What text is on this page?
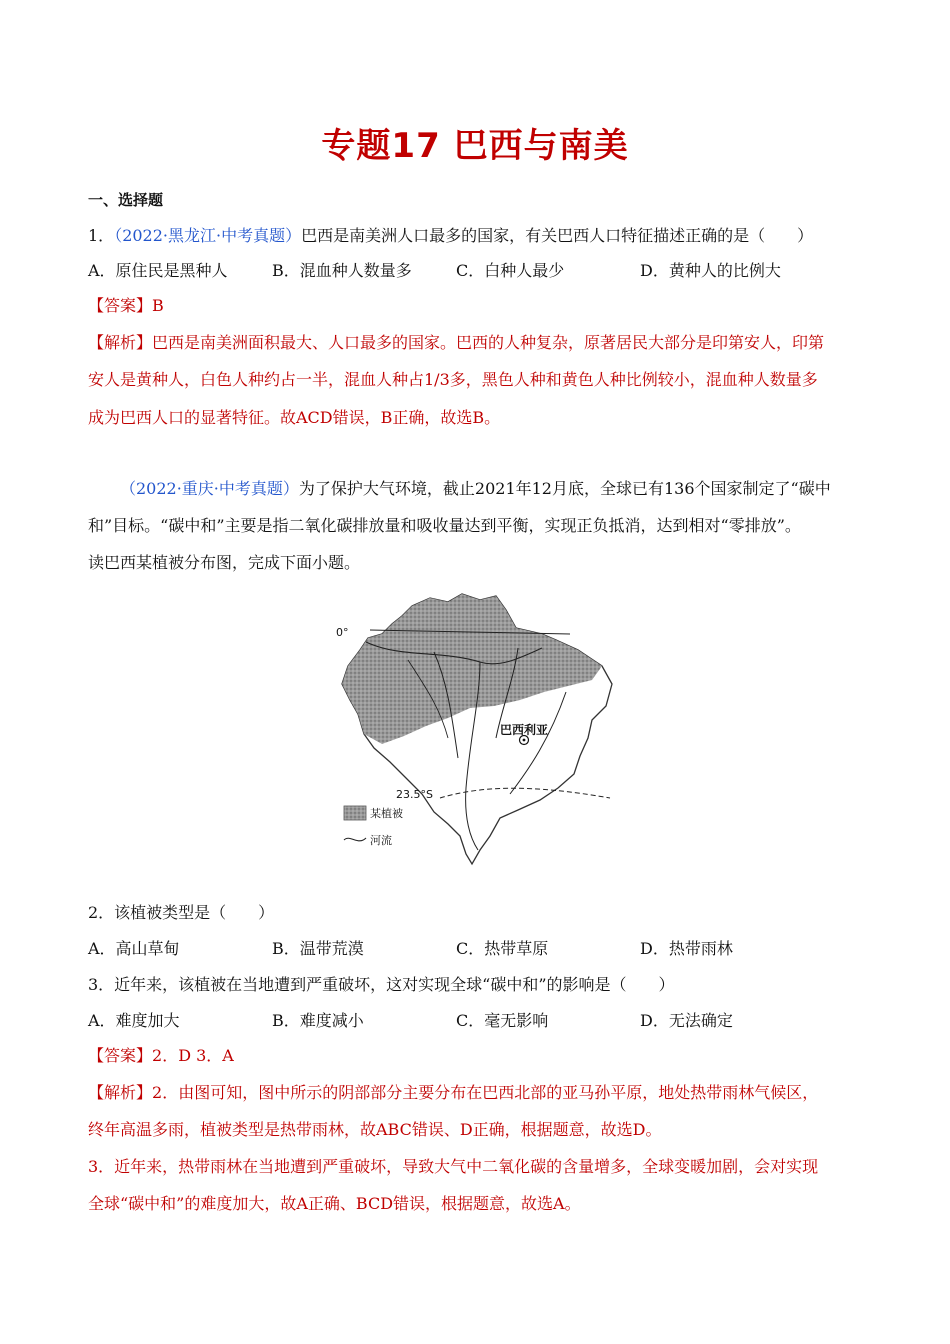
专题17 巴西与南美
一、选择题
1．（2022·黑龙江·中考真题）巴西是南美洲人口最多的国家，有关巴西人口特征描述正确的是（　　）
A．原住民是黑种人	B．混血种人数量多	C．白种人最少	D．黄种人的比例大
【答案】B
【解析】巴西是南美洲面积最大、人口最多的国家。巴西的人种复杂，原著居民大部分是印第安人，印第
安人是黄种人，白色人种约占一半，混血人种占1/3多，黑色人种和黄色人种比例较小，混血种人数量多
成为巴西人口的显著特征。故ACD错误，B正确，故选B。
（2022·重庆·中考真题）为了保护大气环境，截止2021年12月底，全球已有136个国家制定了“碳中
和”目标。“碳中和”主要是指二氧化碳排放量和吸收量达到平衡，实现正负抵消，达到相对“零排放”。
读巴西某植被分布图，完成下面小题。
0°
23.5°S
巴西利亚
某植被
河流
2．该植被类型是（　　）
A．高山草甸	B．温带荒漠	C．热带草原	D．热带雨林
3．近年来，该植被在当地遭到严重破坏，这对实现全球“碳中和”的影响是（　　）
A．难度加大	B．难度减小	C．毫无影响	D．无法确定
【答案】2．D 3．A
【解析】2．由图可知，图中所示的阴部部分主要分布在巴西北部的亚马孙平原，地处热带雨林气候区，
终年高温多雨，植被类型是热带雨林，故ABC错误、D正确，根据题意，故选D。
3．近年来，热带雨林在当地遭到严重破坏，导致大气中二氧化碳的含量增多，全球变暖加剧，会对实现
全球“碳中和”的难度加大，故A正确、BCD错误，根据题意，故选A。
